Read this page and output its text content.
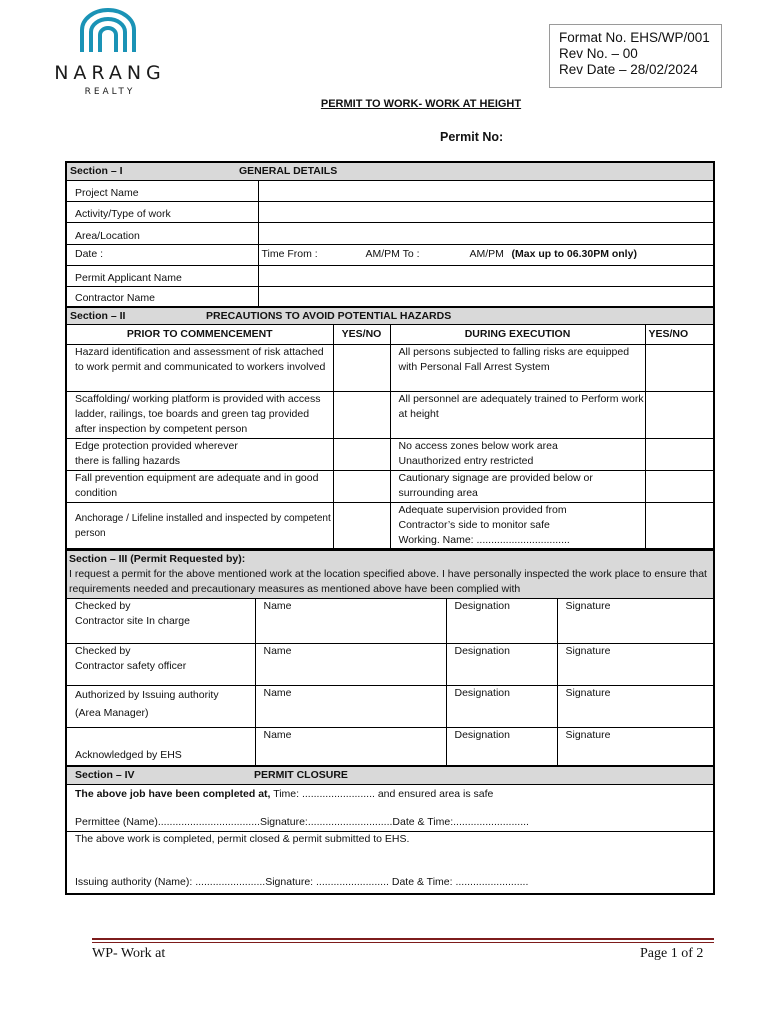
NARANG
REALTY
Format No. EHS/WP/001
Rev No. – 00
Rev Date – 28/02/2024
PERMIT TO WORK- WORK AT HEIGHT
Permit No:
Section – I GENERAL DETAILS	

Project Name	
Activity/Type of work	
Area/Location	
Date :	Time From : AM/PM To : AM/PM (Max up to 06.30PM only)

Permit Applicant Name	
Contractor Name	
Section – II PRECAUTIONS TO AVOID POTENTIAL HAZARDS			

PRIOR TO COMMENCEMENT	YES/NO	DURING EXECUTION	YES/NO
Hazard identification and assessment of risk attached to work permit and communicated to workers involved		All persons subjected to falling risks are equipped with Personal Fall Arrest System	
Scaffolding/ working platform is provided with access ladder, railings, toe boards and green tag provided after inspection by competent person		All personnel are adequately trained to Perform work at height	
Edge protection provided wherever there is falling hazards		No access zones below work area Unauthorized entry restricted	
Fall prevention equipment are adequate and in good condition		Cautionary signage are provided below or surrounding area	
Anchorage / Lifeline installed and inspected by competent person		Adequate supervision provided from Contractor’s side to monitor safe Working. Name: ................................	
Section – III (Permit Requested by):
I request a permit for the above mentioned work at the location specified above. I have personally inspected the work place to ensure that requirements needed and precautionary measures as mentioned above have been complied with			

Checked by
Contractor site In charge	Name	Designation	Signature

Checked by
Contractor safety officer	Name	Designation	Signature

Authorized by Issuing authority
(Area Manager)	Name	Designation	Signature

Acknowledged by EHS	Name	Designation	Signature
Section – IV	PERMIT CLOSURE

The above job have been completed at, Time: ......................... and ensured area is safe
Permittee (Name)...................................Signature:.............................Date & Time:..........................

The above work is completed, permit closed & permit submitted to EHS.
Issuing authority (Name): ........................Signature: ......................... Date & Time: .........................
WP- Work at	Page 1 of 2
